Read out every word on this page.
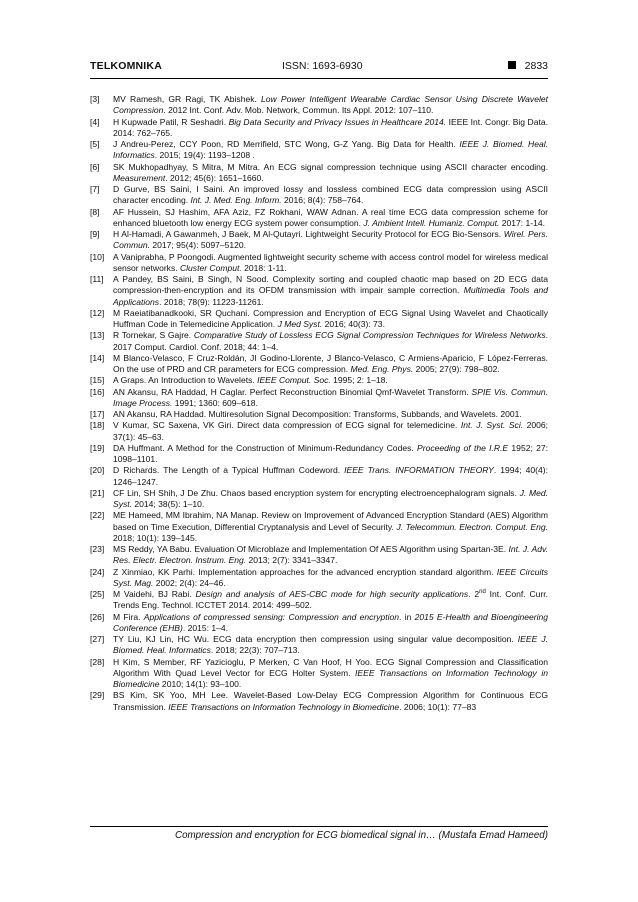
TELKOMNIKA	ISSN: 1693-6930	2833
[3] MV Ramesh, GR Ragi, TK Abishek. Low Power Intelligent Wearable Cardiac Sensor Using Discrete Wavelet Compression. 2012 Int. Conf. Adv. Mob. Network, Commun. Its Appl. 2012: 107–110.
[4] H Kupwade Patil, R Seshadri. Big Data Security and Privacy Issues in Healthcare 2014. IEEE Int. Congr. Big Data. 2014: 762–765.
[5] J Andreu-Perez, CCY Poon, RD Merrifield, STC Wong, G-Z Yang. Big Data for Health. IEEE J. Biomed. Heal. Informatics. 2015; 19(4): 1193–1208 .
[6] SK Mukhopadhyay, S Mitra, M Mitra. An ECG signal compression technique using ASCII character encoding. Measurement. 2012; 45(6): 1651–1660.
[7] D Gurve, BS Saini, I Saini. An improved lossy and lossless combined ECG data compression using ASCII character encoding. Int. J. Med. Eng. Inform. 2016; 8(4): 758–764.
[8] AF Hussein, SJ Hashim, AFA Aziz, FZ Rokhani, WAW Adnan. A real time ECG data compression scheme for enhanced bluetooth low energy ECG system power consumption. J. Ambient Intell. Humaniz. Comput. 2017: 1-14.
[9] H Al-Hamadi, A Gawanmeh, J Baek, M Al-Qutayri. Lightweight Security Protocol for ECG Bio-Sensors. Wirel. Pers. Commun. 2017; 95(4): 5097–5120.
[10] A Vaniprabha, P Poongodi. Augmented lightweight security scheme with access control model for wireless medical sensor networks. Cluster Comput. 2018: 1-11.
[11] A Pandey, BS Saini, B Singh, N Sood. Complexity sorting and coupled chaotic map based on 2D ECG data compression-then-encryption and its OFDM transmission with impair sample correction. Multimedia Tools and Applications. 2018; 78(9): 11223-11261.
[12] M Raeiatibanadkooki, SR Quchani. Compression and Encryption of ECG Signal Using Wavelet and Chaotically Huffman Code in Telemedicine Application. J Med Syst. 2016; 40(3): 73.
[13] R Tornekar, S Gajre. Comparative Study of Lossless ECG Signal Compression Techniques for Wireless Networks. 2017 Comput. Cardiol. Conf. 2018; 44: 1–4.
[14] M Blanco-Velasco, F Cruz-Roldán, JI Godino-Llorente, J Blanco-Velasco, C Armiens-Aparicio, F López-Ferreras. On the use of PRD and CR parameters for ECG compression. Med. Eng. Phys. 2005; 27(9): 798–802.
[15] A Graps. An Introduction to Wavelets. IEEE Comput. Soc. 1995; 2: 1–18.
[16] AN Akansu, RA Haddad, H Caglar. Perfect Reconstruction Binomial Qmf-Wavelet Transform. SPIE Vis. Commun. Image Process. 1991; 1360: 609–618.
[17] AN Akansu, RA Haddad. Multiresolution Signal Decomposition: Transforms, Subbands, and Wavelets. 2001.
[18] V Kumar, SC Saxena, VK Giri. Direct data compression of ECG signal for telemedicine. Int. J. Syst. Sci. 2006; 37(1): 45–63.
[19] DA Huffmant. A Method for the Construction of Minimum-Redundancy Codes. Proceeding of the I.R.E 1952; 27: 1098–1101.
[20] D Richards. The Length of a Typical Huffman Codeword. IEEE Trans. INFORMATION THEORY. 1994; 40(4): 1246–1247.
[21] CF Lin, SH Shih, J De Zhu. Chaos based encryption system for encrypting electroencephalogram signals. J. Med. Syst. 2014; 38(5): 1–10.
[22] ME Hameed, MM Ibrahim, NA Manap. Review on Improvement of Advanced Encryption Standard (AES) Algorithm based on Time Execution, Differential Cryptanalysis and Level of Security. J. Telecommun. Electron. Comput. Eng. 2018; 10(1): 139–145.
[23] MS Reddy, YA Babu. Evaluation Of Microblaze and Implementation Of AES Algorithm using Spartan-3E. Int. J. Adv. Res. Electr. Electron. Instrum. Eng. 2013; 2(7): 3341–3347.
[24] Z Xinmiao, KK Parhi. Implementation approaches for the advanced encryption standard algorithm. IEEE Circuits Syst. Mag. 2002; 2(4): 24–46.
[25] M Vaidehi, BJ Rabi. Design and analysis of AES-CBC mode for high security applications. 2nd Int. Conf. Curr. Trends Eng. Technol. ICCTET 2014. 2014: 499–502.
[26] M Fira. Applications of compressed sensing: Compression and encryption. in 2015 E-Health and Bioengineering Conference (EHB). 2015: 1–4.
[27] TY Liu, KJ Lin, HC Wu. ECG data encryption then compression using singular value decomposition. IEEE J. Biomed. Heal. Informatics. 2018; 22(3): 707–713.
[28] H Kim, S Member, RF Yazicioglu, P Merken, C Van Hoof, H Yoo. ECG Signal Compression and Classification Algorithm With Quad Level Vector for ECG Holter System. IEEE Transactions on Information Technology in Biomedicine 2010; 14(1): 93–100.
[29] BS Kim, SK Yoo, MH Lee. Wavelet-Based Low-Delay ECG Compression Algorithm for Continuous ECG Transmission. IEEE Transactions on Information Technology in Biomedicine. 2006; 10(1): 77–83
Compression and encryption for ECG biomedical signal in… (Mustafa Emad Hameed)
